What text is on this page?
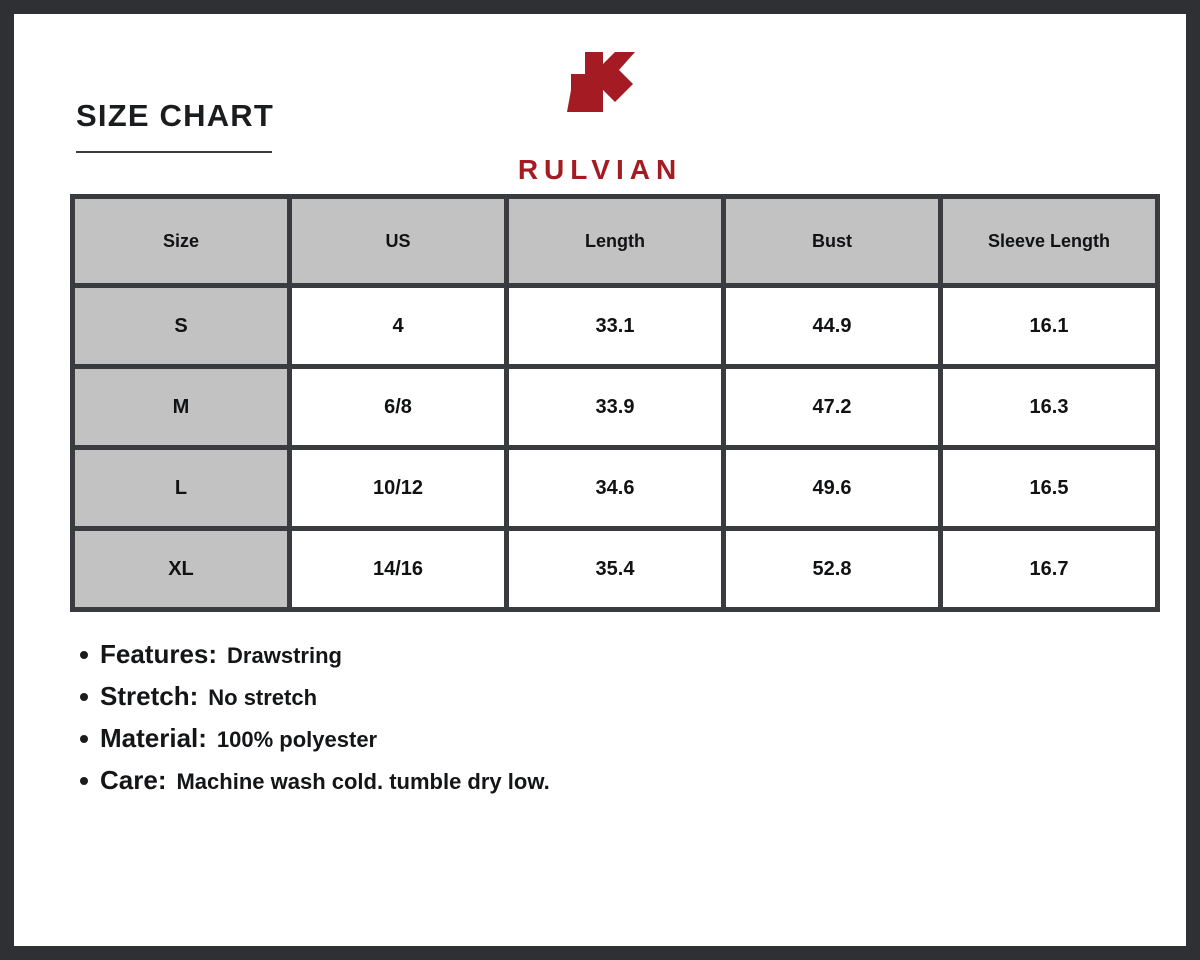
SIZE CHART
RULVIAN
Size	US	Length	Bust	Sleeve Length
S	4	33.1	44.9	16.1
M	6/8	33.9	47.2	16.3
L	10/12	34.6	49.6	16.5
XL	14/16	35.4	52.8	16.7
Features: Drawstring
Stretch: No stretch
Material: 100% polyester
Care: Machine wash cold. tumble dry low.
